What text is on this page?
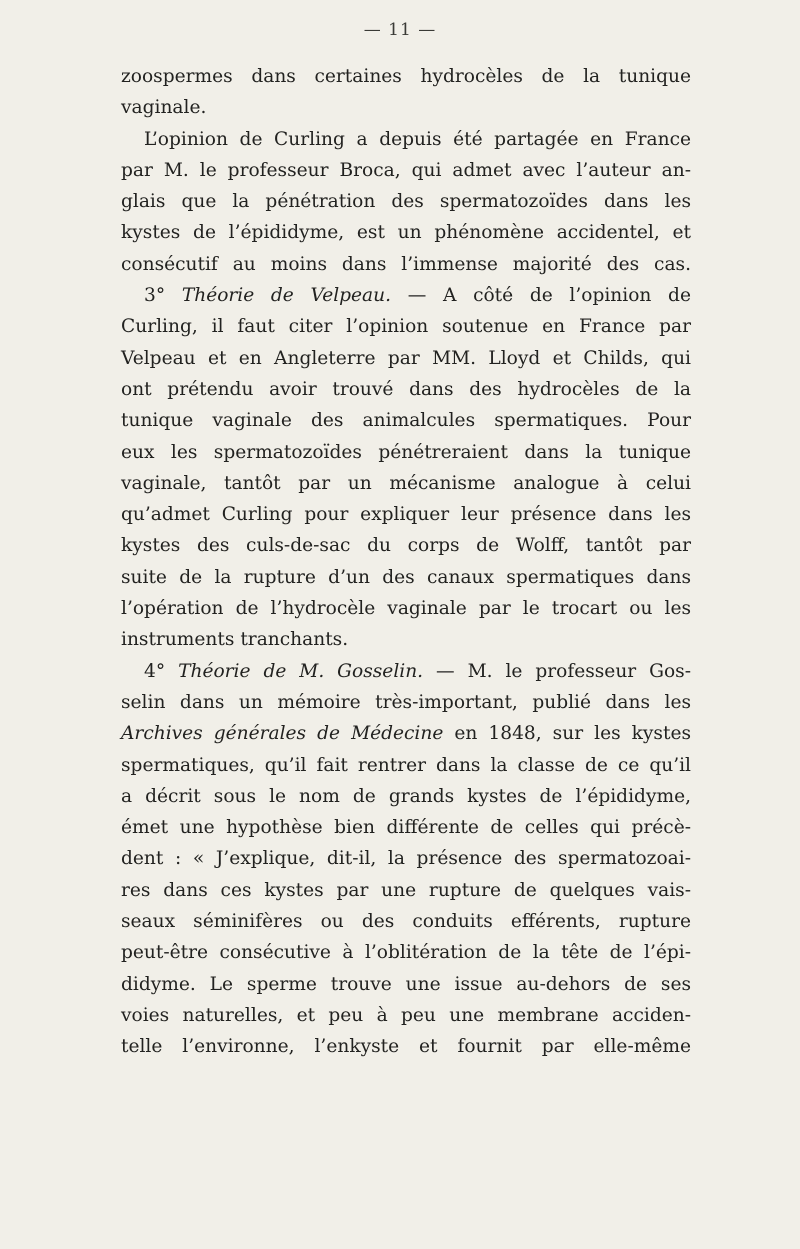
— 11 —
zoospermes dans certaines hydrocèles de la tunique
vaginale.
L’opinion de Curling a depuis été partagée en France
par M. le professeur Broca, qui admet avec l’auteur an-
glais que la pénétration des spermatozoïdes dans les
kystes de l’épididyme, est un phénomène accidentel, et
consécutif au moins dans l’immense majorité des cas.
3° Théorie de Velpeau. — A côté de l’opinion de
Curling, il faut citer l’opinion soutenue en France par
Velpeau et en Angleterre par MM. Lloyd et Childs, qui
ont prétendu avoir trouvé dans des hydrocèles de la
tunique vaginale des animalcules spermatiques. Pour
eux les spermatozoïdes pénétreraient dans la tunique
vaginale, tantôt par un mécanisme analogue à celui
qu’admet Curling pour expliquer leur présence dans les
kystes des culs-de-sac du corps de Wolff, tantôt par
suite de la rupture d’un des canaux spermatiques dans
l’opération de l’hydrocèle vaginale par le trocart ou les
instruments tranchants.
4° Théorie de M. Gosselin. — M. le professeur Gos-
selin dans un mémoire très-important, publié dans les
Archives générales de Médecine en 1848, sur les kystes
spermatiques, qu’il fait rentrer dans la classe de ce qu’il
a décrit sous le nom de grands kystes de l’épididyme,
émet une hypothèse bien différente de celles qui précè-
dent : « J’explique, dit-il, la présence des spermatozoai-
res dans ces kystes par une rupture de quelques vais-
seaux séminifères ou des conduits efférents, rupture
peut-être consécutive à l’oblitération de la tête de l’épi-
didyme. Le sperme trouve une issue au-dehors de ses
voies naturelles, et peu à peu une membrane acciden-
telle l’environne, l’enkyste et fournit par elle-même
